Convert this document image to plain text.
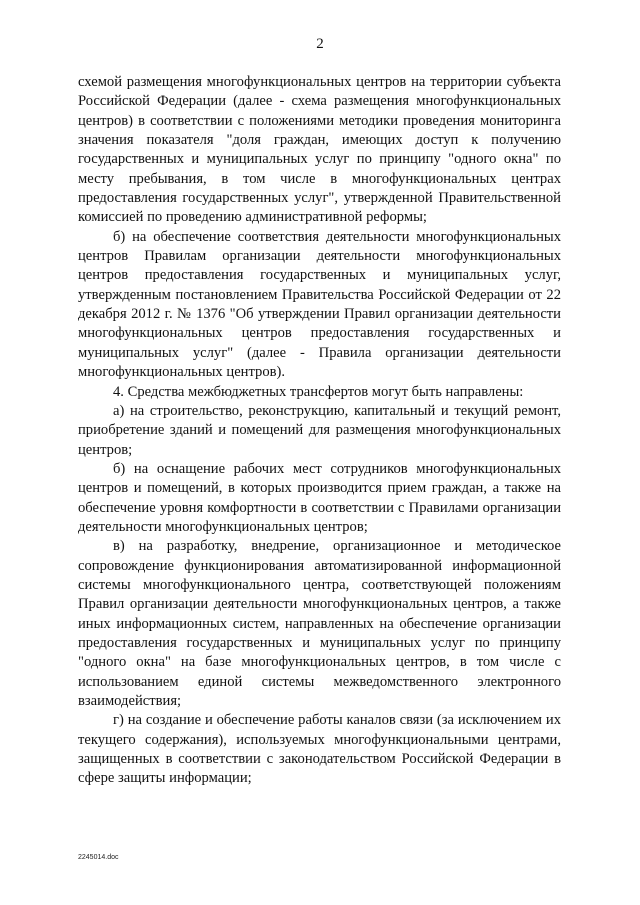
2

схемой размещения многофункциональных центров на территории субъекта Российской Федерации (далее - схема размещения многофункциональных центров) в соответствии с положениями методики проведения мониторинга значения показателя "доля граждан, имеющих доступ к получению государственных и муниципальных услуг по принципу "одного окна" по месту пребывания, в том числе в многофункциональных центрах предоставления государственных услуг", утвержденной Правительственной комиссией по проведению административной реформы;

б) на обеспечение соответствия деятельности многофункциональных центров Правилам организации деятельности многофункциональных центров предоставления государственных и муниципальных услуг, утвержденным постановлением Правительства Российской Федерации от 22 декабря 2012 г. № 1376 "Об утверждении Правил организации деятельности многофункциональных центров предоставления государственных и муниципальных услуг" (далее - Правила организации деятельности многофункциональных центров).

4. Средства межбюджетных трансфертов могут быть направлены:

а) на строительство, реконструкцию, капитальный и текущий ремонт, приобретение зданий и помещений для размещения многофункциональных центров;

б) на оснащение рабочих мест сотрудников многофункциональных центров и помещений, в которых производится прием граждан, а также на обеспечение уровня комфортности в соответствии с Правилами организации деятельности многофункциональных центров;

в) на разработку, внедрение, организационное и методическое сопровождение функционирования автоматизированной информационной системы многофункционального центра, соответствующей положениям Правил организации деятельности многофункциональных центров, а также иных информационных систем, направленных на обеспечение организации предоставления государственных и муниципальных услуг по принципу "одного окна" на базе многофункциональных центров, в том числе с использованием единой системы межведомственного электронного взаимодействия;

г) на создание и обеспечение работы каналов связи (за исключением их текущего содержания), используемых многофункциональными центрами, защищенных в соответствии с законодательством Российской Федерации в сфере защиты информации;

2245014.doc
